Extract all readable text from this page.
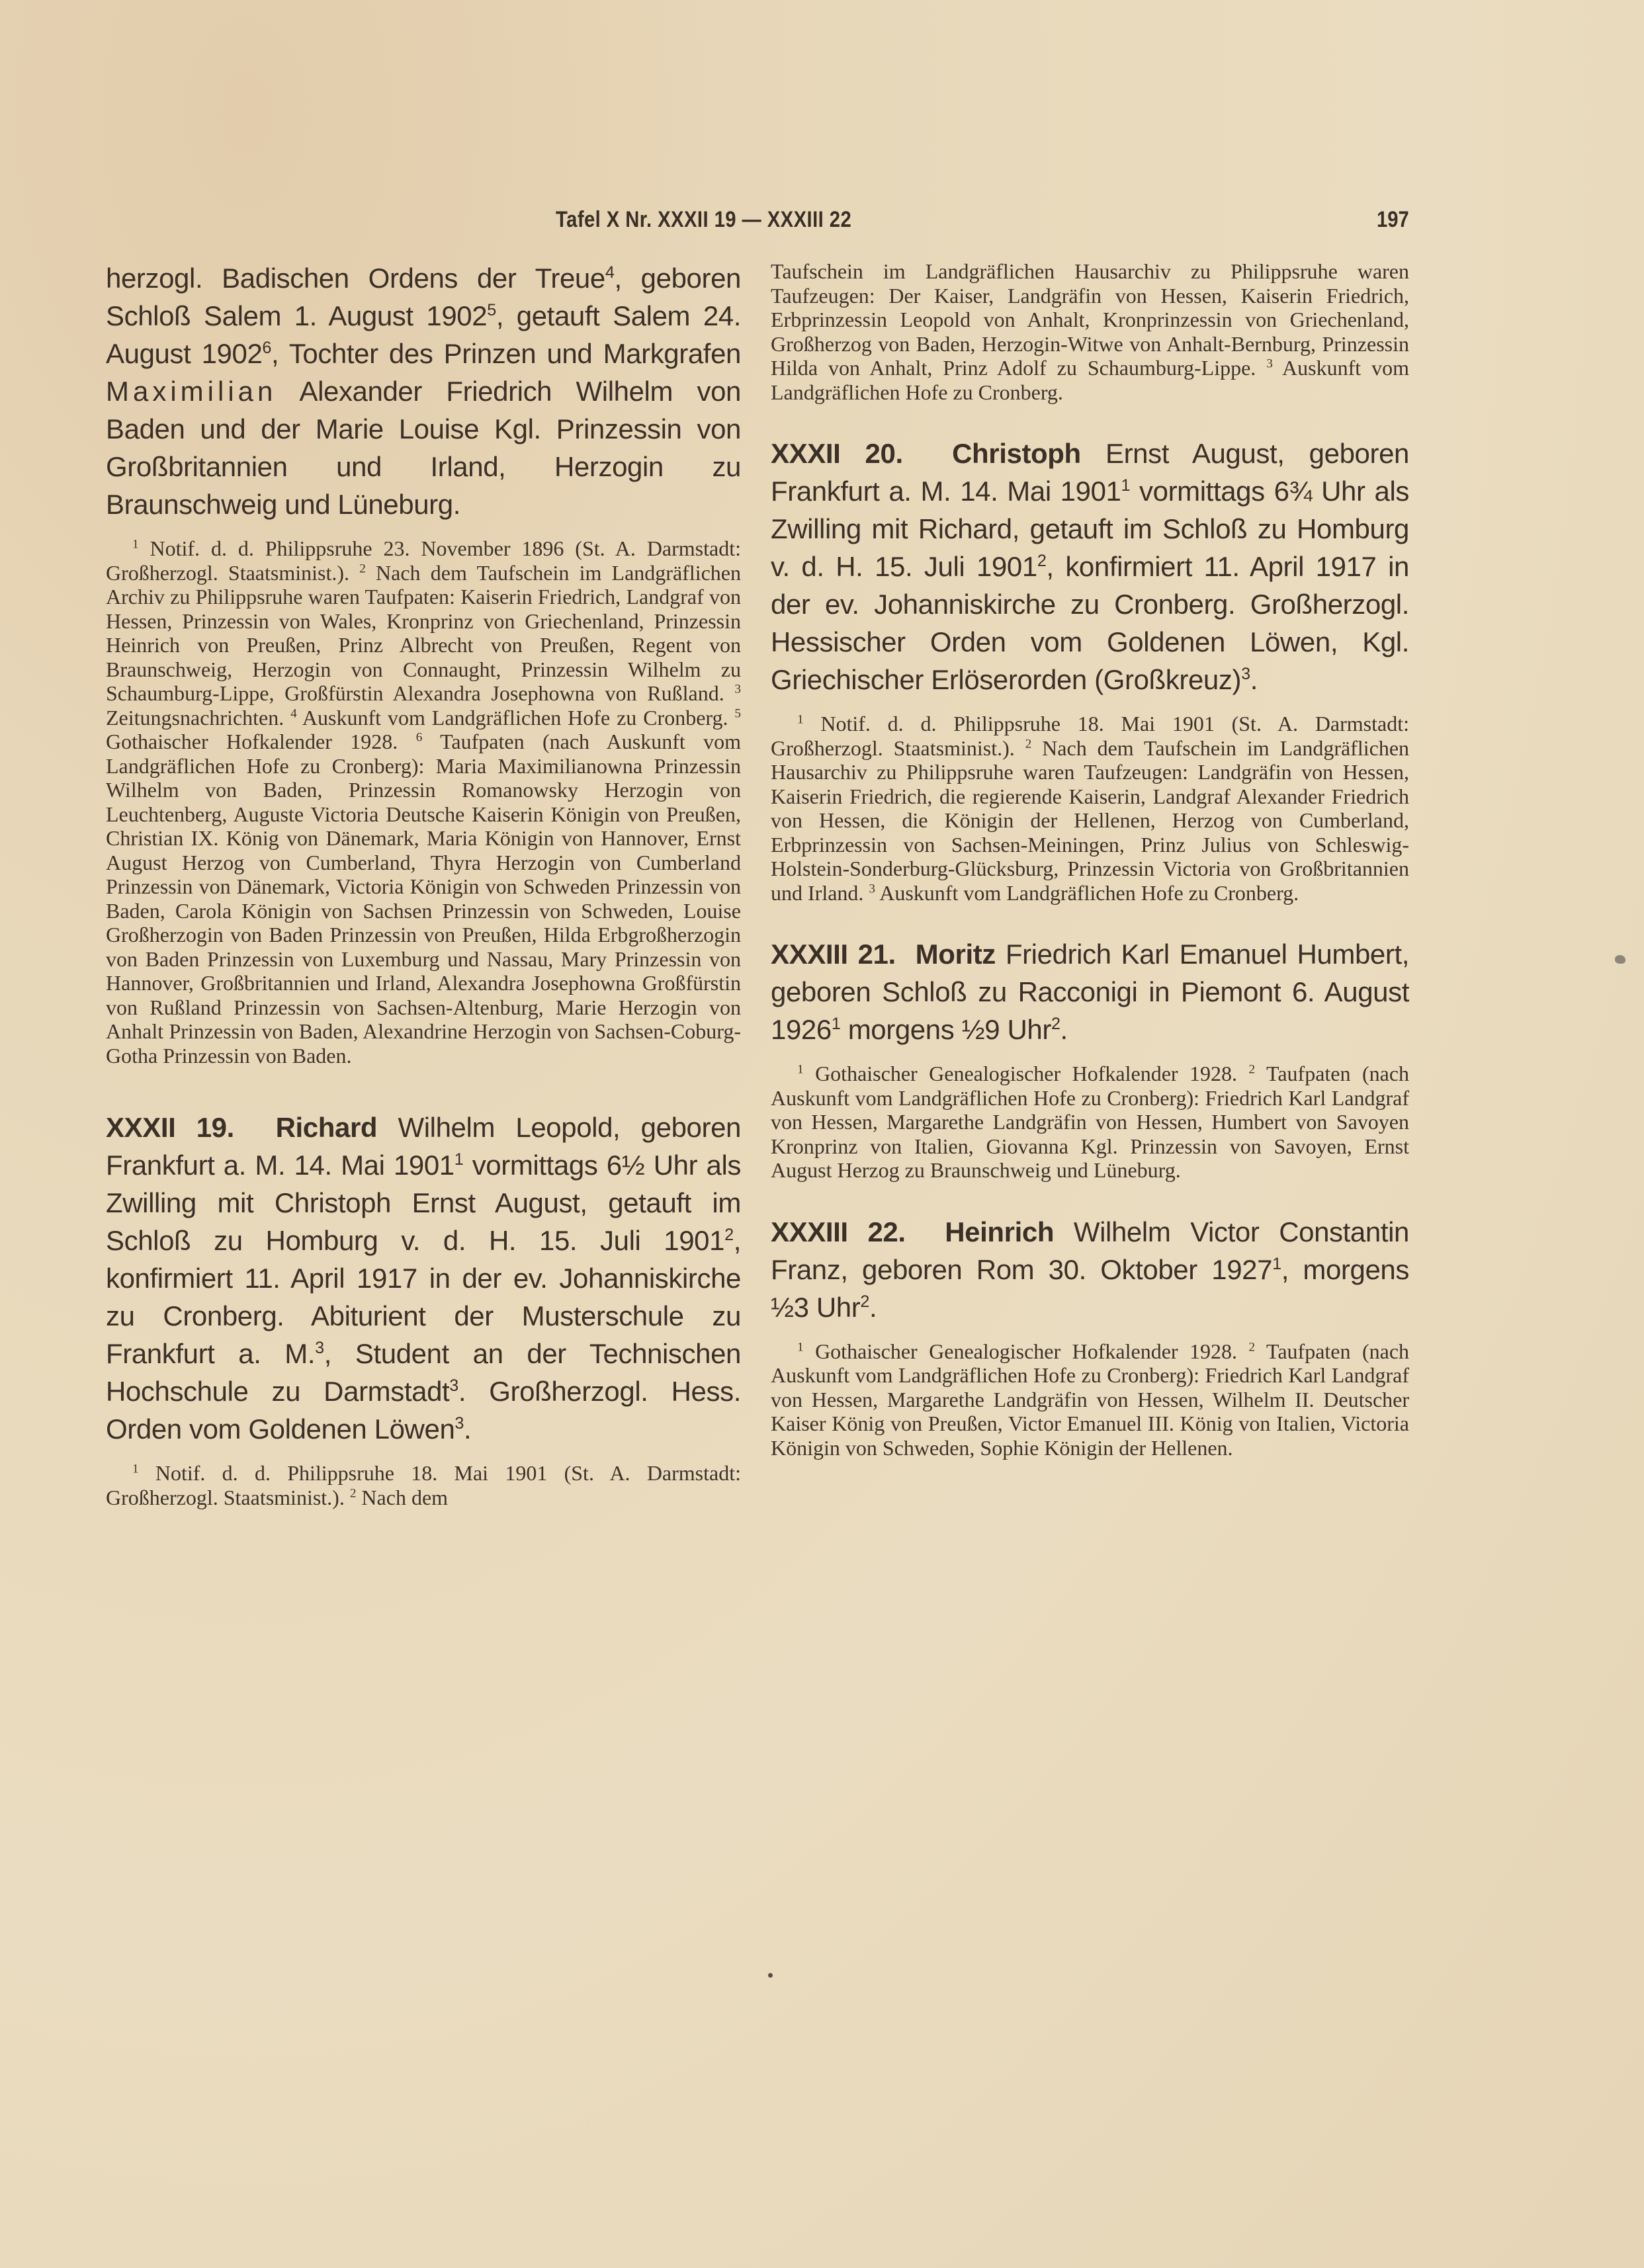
Tafel X Nr. XXXII 19 — XXXIII 22	197

herzogl. Badischen Ordens der Treue$^4$, geboren Schloß Salem 1. August 1902$^5$, getauft Salem 24. August 1902$^6$, Tochter des Prinzen und Markgrafen Maximilian Alexander Friedrich Wilhelm von Baden und der Marie Louise Kgl. Prinzessin von Großbritannien und Irland, Herzogin zu Braunschweig und Lüneburg.

$^1$ Notif. d. d. Philippsruhe 23. November 1896 (St. A. Darmstadt: Großherzogl. Staatsminist.). $^2$ Nach dem Taufschein im Landgräflichen Archiv zu Philippsruhe waren Taufpaten: Kaiserin Friedrich, Landgraf von Hessen, Prinzessin von Wales, Kronprinz von Griechenland, Prinzessin Heinrich von Preußen, Prinz Albrecht von Preußen, Regent von Braunschweig, Herzogin von Connaught, Prinzessin Wilhelm zu Schaumburg-Lippe, Großfürstin Alexandra Josephowna von Rußland. $^3$ Zeitungsnachrichten. $^4$ Auskunft vom Landgräflichen Hofe zu Cronberg. $^5$ Gothaischer Hofkalender 1928. $^6$ Taufpaten (nach Auskunft vom Landgräflichen Hofe zu Cronberg): Maria Maximilianowna Prinzessin Wilhelm von Baden, Prinzessin Romanowsky Herzogin von Leuchtenberg, Auguste Victoria Deutsche Kaiserin Königin von Preußen, Christian IX. König von Dänemark, Maria Königin von Hannover, Ernst August Herzog von Cumberland, Thyra Herzogin von Cumberland Prinzessin von Dänemark, Victoria Königin von Schweden Prinzessin von Baden, Carola Königin von Sachsen Prinzessin von Schweden, Louise Großherzogin von Baden Prinzessin von Preußen, Hilda Erbgroßherzogin von Baden Prinzessin von Luxemburg und Nassau, Mary Prinzessin von Hannover, Großbritannien und Irland, Alexandra Josephowna Großfürstin von Rußland Prinzessin von Sachsen-Altenburg, Marie Herzogin von Anhalt Prinzessin von Baden, Alexandrine Herzogin von Sachsen-Coburg-Gotha Prinzessin von Baden.

XXXII 19. Richard Wilhelm Leopold, geboren Frankfurt a. M. 14. Mai 1901$^1$ vormittags 6½ Uhr als Zwilling mit Christoph Ernst August, getauft im Schloß zu Homburg v. d. H. 15. Juli 1901$^2$, konfirmiert 11. April 1917 in der ev. Johanniskirche zu Cronberg. Abiturient der Musterschule zu Frankfurt a. M.$^3$, Student an der Technischen Hochschule zu Darmstadt$^3$. Großherzogl. Hess. Orden vom Goldenen Löwen$^3$.

$^1$ Notif. d. d. Philippsruhe 18. Mai 1901 (St. A. Darmstadt: Großherzogl. Staatsminist.). $^2$ Nach dem

Taufschein im Landgräflichen Hausarchiv zu Philippsruhe waren Taufzeugen: Der Kaiser, Landgräfin von Hessen, Kaiserin Friedrich, Erbprinzessin Leopold von Anhalt, Kronprinzessin von Griechenland, Großherzog von Baden, Herzogin-Witwe von Anhalt-Bernburg, Prinzessin Hilda von Anhalt, Prinz Adolf zu Schaumburg-Lippe. $^3$ Auskunft vom Landgräflichen Hofe zu Cronberg.

XXXII 20. Christoph Ernst August, geboren Frankfurt a. M. 14. Mai 1901$^1$ vormittags 6¾ Uhr als Zwilling mit Richard, getauft im Schloß zu Homburg v. d. H. 15. Juli 1901$^2$, konfirmiert 11. April 1917 in der ev. Johanniskirche zu Cronberg. Großherzogl. Hessischer Orden vom Goldenen Löwen, Kgl. Griechischer Erlöserorden (Großkreuz)$^3$.

$^1$ Notif. d. d. Philippsruhe 18. Mai 1901 (St. A. Darmstadt: Großherzogl. Staatsminist.). $^2$ Nach dem Taufschein im Landgräflichen Hausarchiv zu Philippsruhe waren Taufzeugen: Landgräfin von Hessen, Kaiserin Friedrich, die regierende Kaiserin, Landgraf Alexander Friedrich von Hessen, die Königin der Hellenen, Herzog von Cumberland, Erbprinzessin von Sachsen-Meiningen, Prinz Julius von Schleswig-Holstein-Sonderburg-Glücksburg, Prinzessin Victoria von Großbritannien und Irland. $^3$ Auskunft vom Landgräflichen Hofe zu Cronberg.

XXXIII 21. Moritz Friedrich Karl Emanuel Humbert, geboren Schloß zu Racconigi in Piemont 6. August 1926$^1$ morgens ½9 Uhr$^2$.

$^1$ Gothaischer Genealogischer Hofkalender 1928. $^2$ Taufpaten (nach Auskunft vom Landgräflichen Hofe zu Cronberg): Friedrich Karl Landgraf von Hessen, Margarethe Landgräfin von Hessen, Humbert von Savoyen Kronprinz von Italien, Giovanna Kgl. Prinzessin von Savoyen, Ernst August Herzog zu Braunschweig und Lüneburg.

XXXIII 22. Heinrich Wilhelm Victor Constantin Franz, geboren Rom 30. Oktober 1927$^1$, morgens ½3 Uhr$^2$.

$^1$ Gothaischer Genealogischer Hofkalender 1928. $^2$ Taufpaten (nach Auskunft vom Landgräflichen Hofe zu Cronberg): Friedrich Karl Landgraf von Hessen, Margarethe Landgräfin von Hessen, Wilhelm II. Deutscher Kaiser König von Preußen, Victor Emanuel III. König von Italien, Victoria Königin von Schweden, Sophie Königin der Hellenen.
